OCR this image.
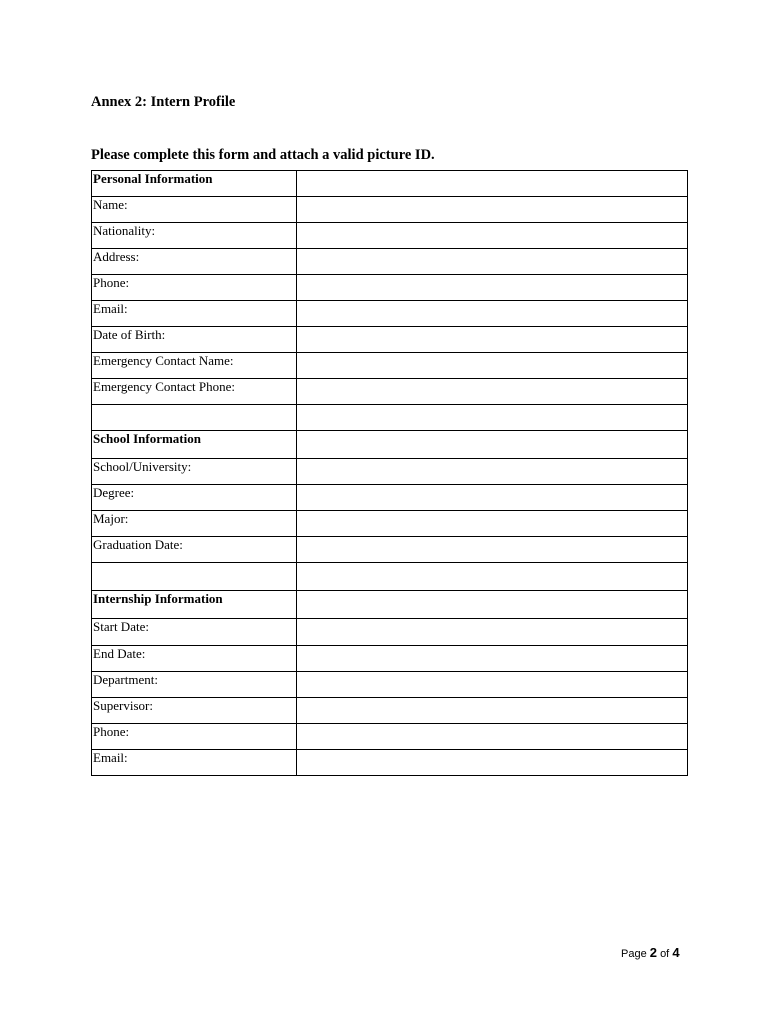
Annex 2: Intern Profile
Please complete this form and attach a valid picture ID.
Personal Information	
Name:	
Nationality:	
Address:	
Phone:	
Email:	
Date of Birth:	
Emergency Contact Name:	
Emergency Contact Phone:	

School Information	
School/University:	
Degree:	
Major:	
Graduation Date:	

Internship Information	
Start Date:	
End Date:	
Department:	
Supervisor:	
Phone:	
Email:	
Page 2 of 4
